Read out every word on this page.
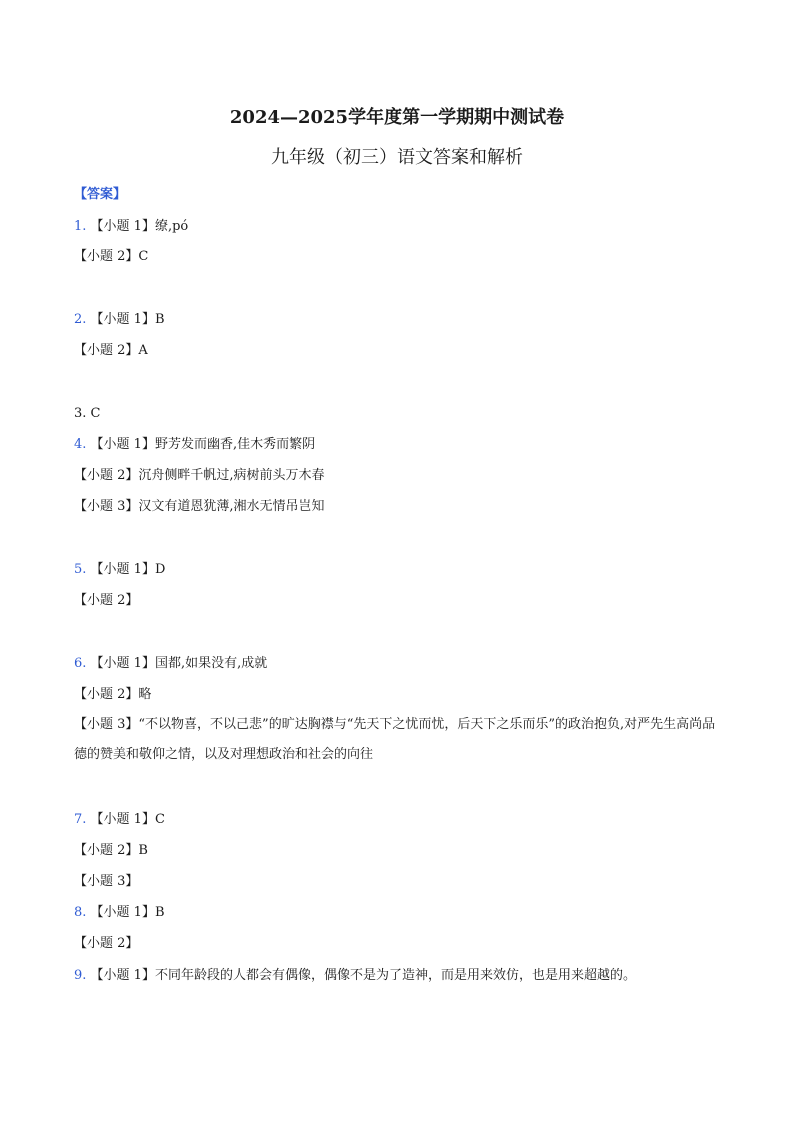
2024—2025学年度第一学期期中测试卷
九年级（初三）语文答案和解析
【答案】
1. 【小题 1】缭,pó
【小题 2】C
2. 【小题 1】B
【小题 2】A
3. C
4. 【小题 1】野芳发而幽香,佳木秀而繁阴
【小题 2】沉舟侧畔千帆过,病树前头万木春
【小题 3】汉文有道恩犹薄,湘水无情吊岂知
5. 【小题 1】D
【小题 2】
6. 【小题 1】国都,如果没有,成就
【小题 2】略
【小题 3】“不以物喜，不以己悲”的旷达胸襟与“先天下之忧而忧，后天下之乐而乐”的政治抱负,对严先生高尚品德的赞美和敬仰之情，以及对理想政治和社会的向往
7. 【小题 1】C
【小题 2】B
【小题 3】
8. 【小题 1】B
【小题 2】
9. 【小题 1】不同年龄段的人都会有偶像，偶像不是为了造神，而是用来效仿，也是用来超越的。
